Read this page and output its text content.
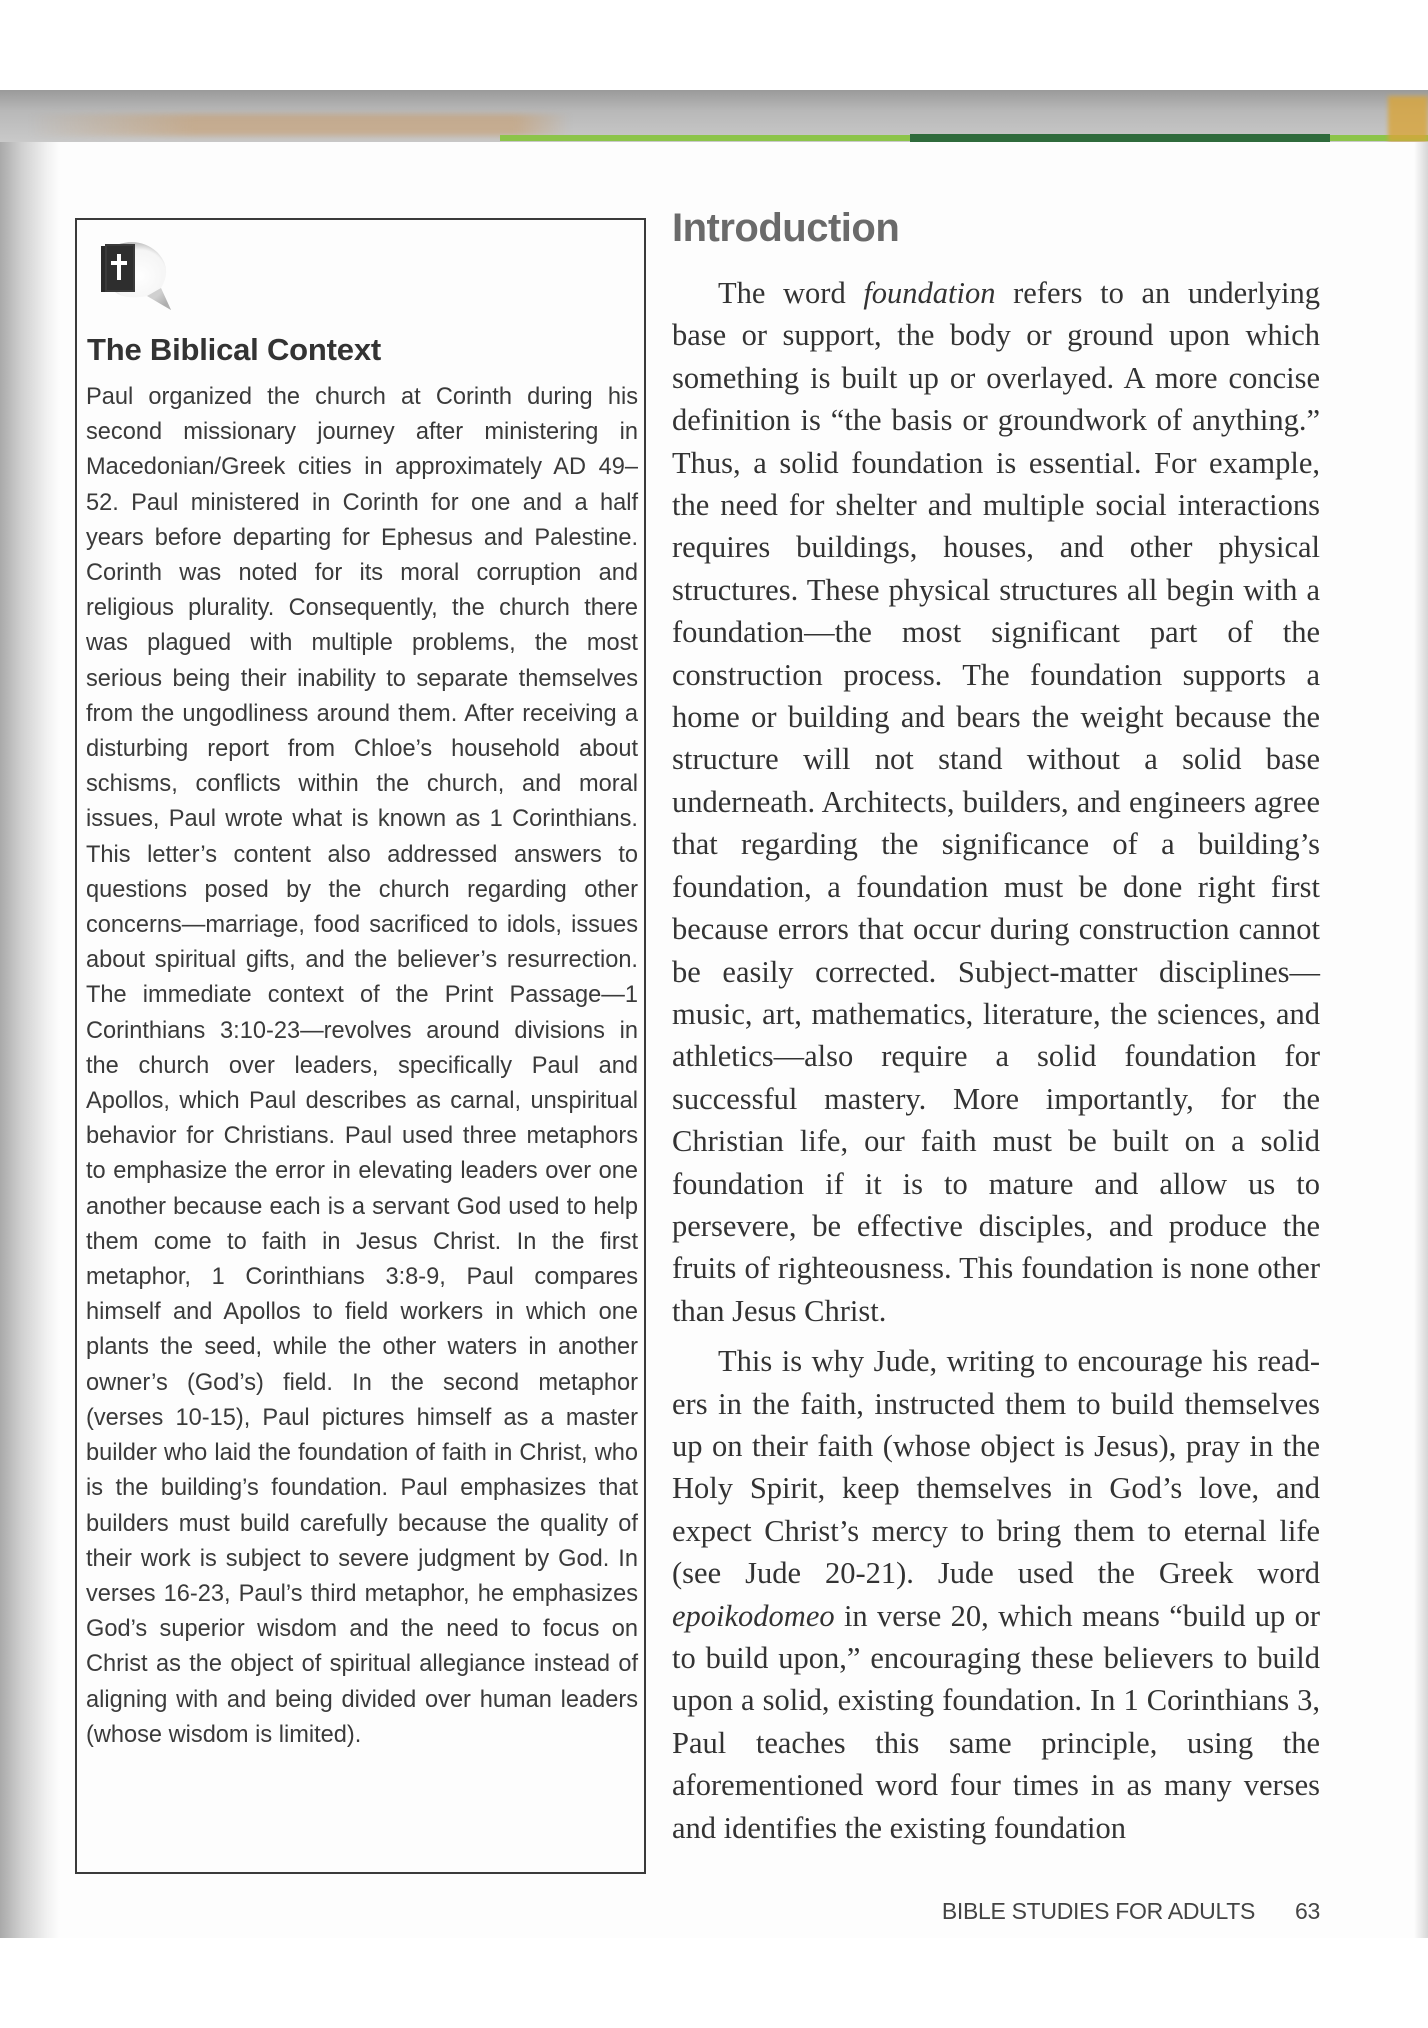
The Biblical Context
Paul organized the church at Corinth during his second missionary journey after ministering in Macedonian/Greek cities in approximately AD 49–52. Paul ministered in Corinth for one and a half years before departing for Ephesus and Palestine. Corinth was noted for its moral corruption and religious plurality. Consequently, the church there was plagued with multiple problems, the most serious being their inability to separate themselves from the ungodliness around them. After receiving a disturbing report from Chloe’s household about schisms, conflicts within the church, and moral issues, Paul wrote what is known as 1 Corinthians. This letter’s content also addressed answers to questions posed by the church regarding other concerns—marriage, food sacrificed to idols, issues about spiritual gifts, and the believer’s resurrection. The immediate context of the Print Passage—1 Corinthians 3:10-23—revolves around divisions in the church over leaders, specifically Paul and Apollos, which Paul describes as carnal, unspiritual behavior for Christians. Paul used three metaphors to emphasize the error in elevating leaders over one another because each is a servant God used to help them come to faith in Jesus Christ. In the first metaphor, 1 Corinthians 3:8-9, Paul compares himself and Apollos to field workers in which one plants the seed, while the other waters in another owner’s (God’s) field. In the second metaphor (verses 10-15), Paul pictures himself as a master builder who laid the foundation of faith in Christ, who is the building’s foundation. Paul emphasizes that builders must build carefully because the quality of their work is subject to severe judgment by God. In verses 16-23, Paul’s third metaphor, he emphasizes God’s superior wisdom and the need to focus on Christ as the object of spiritual allegiance instead of aligning with and being divided over human leaders (whose wisdom is limited).
Introduction

The word foundation refers to an underlying base or support, the body or ground upon which something is built up or overlayed. A more concise definition is “the basis or groundwork of anything.” Thus, a solid foundation is essential. For example, the need for shelter and multiple social interactions requires buildings, houses, and other physical structures. These physical structures all begin with a foundation—the most significant part of the construction process. The foundation supports a home or building and bears the weight because the structure will not stand without a solid base underneath. Architects, builders, and engineers agree that regarding the significance of a building’s foundation, a foundation must be done right first because errors that occur during construction cannot be easily corrected. Subject-matter disciplines—music, art, mathematics, literature, the sciences, and athletics—also require a solid foundation for successful mastery. More importantly, for the Christian life, our faith must be built on a solid foundation if it is to mature and allow us to persevere, be effective disciples, and produce the fruits of righteousness. This foundation is none other than Jesus Christ.

This is why Jude, writing to encourage his readers in the faith, instructed them to build themselves up on their faith (whose object is Jesus), pray in the Holy Spirit, keep themselves in God’s love, and expect Christ’s mercy to bring them to eternal life (see Jude 20-21). Jude used the Greek word epoikodomeo in verse 20, which means “build up or to build upon,” encouraging these believers to build upon a solid, existing foundation. In 1 Corinthians 3, Paul teaches this same principle, using the aforementioned word four times in as many verses and identifies the existing foundation

BIBLE STUDIES FOR ADULTS 63
